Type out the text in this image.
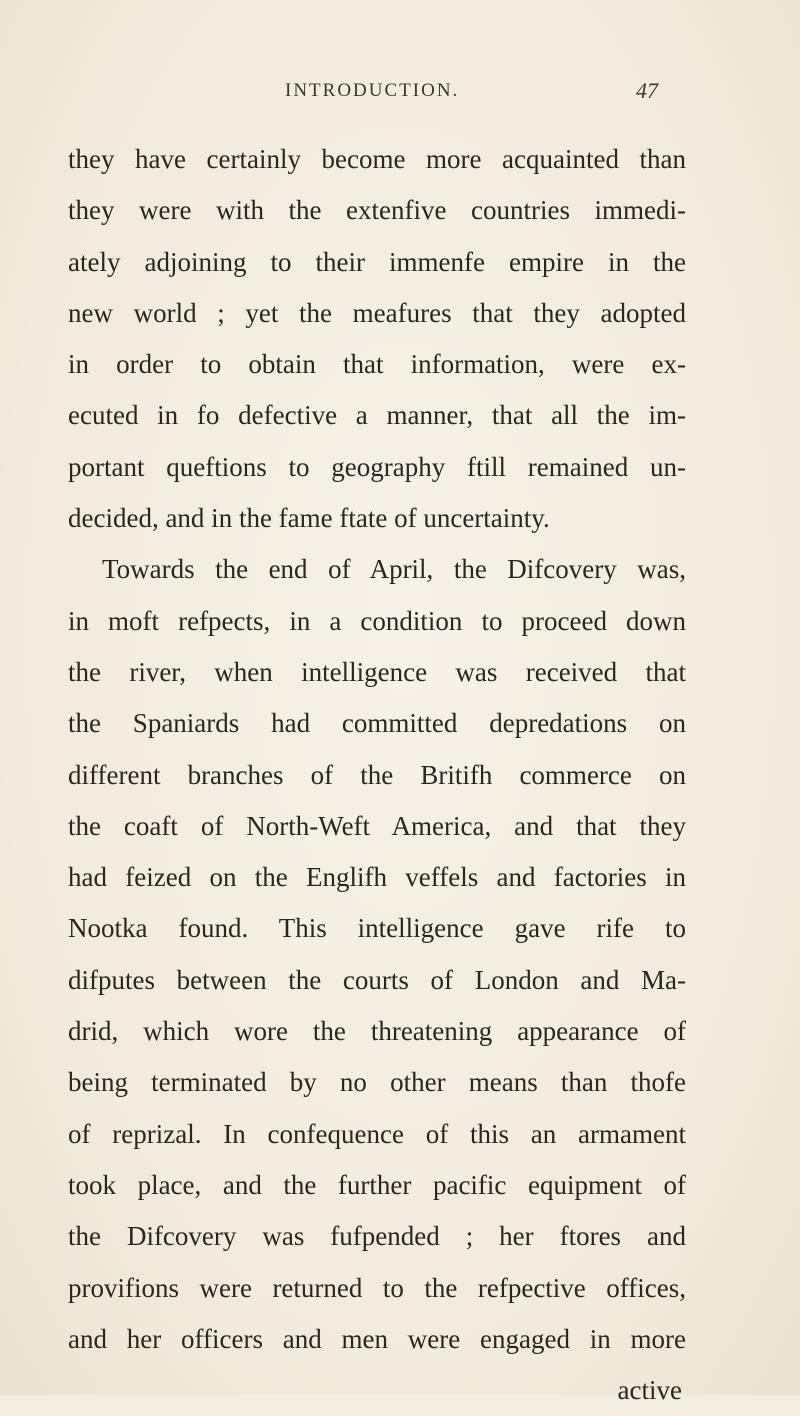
INTRODUCTION.	47
they have certainly become more acquainted than
they were with the extenfive countries immedi-
ately adjoining to their immenfe empire in the
new world ; yet the meafures that they adopted
in order to obtain that information, were ex-
ecuted in fo defective a manner, that all the im-
portant queftions to geography ftill remained un-
decided, and in the fame ftate of uncertainty.
Towards the end of April, the Difcovery was,
in moft refpects, in a condition to proceed down
the river, when intelligence was received that
the Spaniards had committed depredations on
different branches of the Britifh commerce on
the coaft of North-Weft America, and that they
had feized on the Englifh veffels and factories in
Nootka found. This intelligence gave rife to
difputes between the courts of London and Ma-
drid, which wore the threatening appearance of
being terminated by no other means than thofe
of reprizal. In confequence of this an armament
took place, and the further pacific equipment of
the Difcovery was fufpended ; her ftores and
provifions were returned to the refpective offices,
and her officers and men were engaged in more
active
